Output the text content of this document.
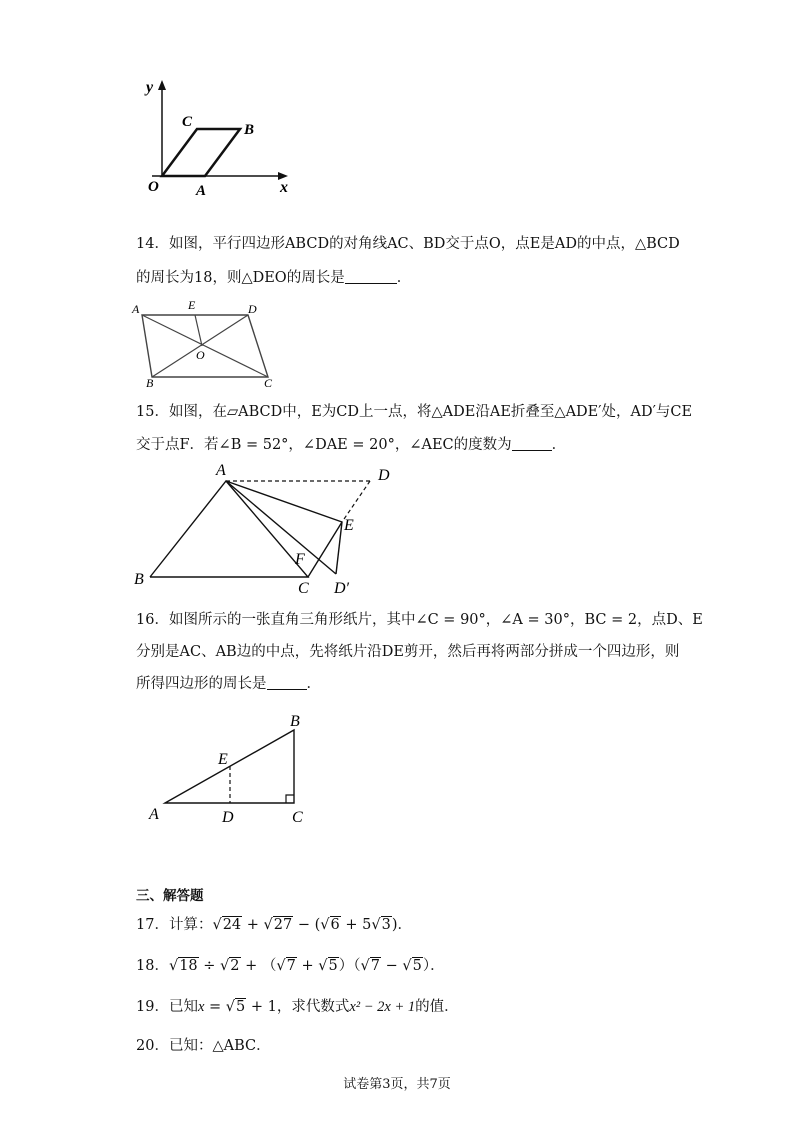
y
x
O A
B
C
14．如图，平行四边形ABCD的对角线AC、BD交于点O，点E是AD的中点，△BCD
的周长为18，则△DEO的周长是	．
A	E	D
O
B	C
15．如图，在▱ABCD中，E为CD上一点，将△ADE沿AE折叠至△ADE′处，AD′与CE
交于点F．若∠B = 52°，∠DAE = 20°，∠AEC的度数为	．
A	D
E
F
B
C D′
16．如图所示的一张直角三角形纸片，其中∠C = 90°，∠A = 30°，BC = 2，点D、E
分别是AC、AB边的中点，先将纸片沿DE剪开，然后再将两部分拼成一个四边形，则
所得四边形的周长是	．
B
E
A	D	C
三、解答题
17．计算：√24 + √27 − (√6 + 5√3)．
18．√18 ÷ √2 + （√7 + √5）（√7 − √5）．
19．已知x = √5 + 1，求代数式x² − 2x + 1的值．
20．已知：△ABC．
试卷第3页，共7页
